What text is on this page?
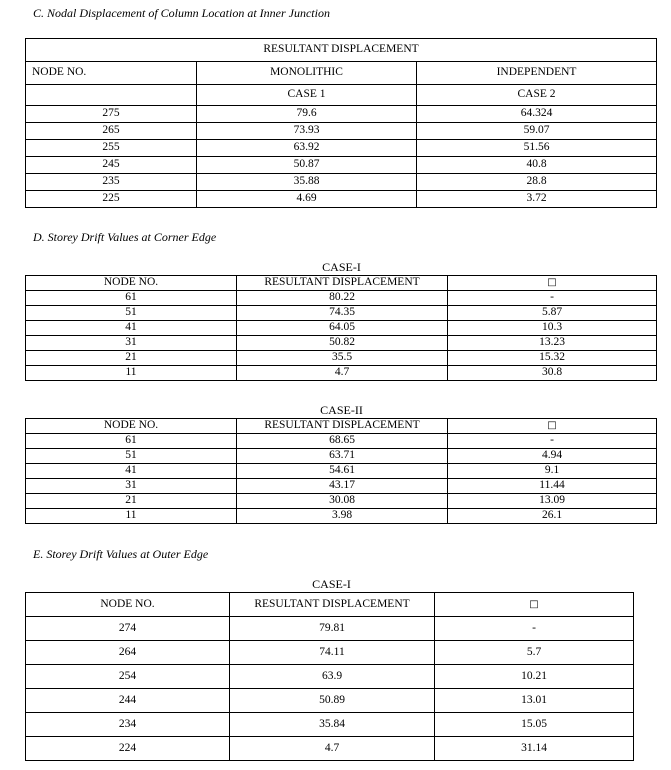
C. Nodal Displacement of Column Location at Inner Junction
RESULTANT DISPLACEMENT		
NODE NO.	MONOLITHIC	INDEPENDENT
	CASE 1	CASE 2
275	79.6	64.324
265	73.93	59.07
255	63.92	51.56
245	50.87	40.8
235	35.88	28.8
225	4.69	3.72
D. Storey Drift Values at Corner Edge
CASE-I
NODE NO.	RESULTANT DISPLACEMENT	□
61	80.22	-
51	74.35	5.87
41	64.05	10.3
31	50.82	13.23
21	35.5	15.32
11	4.7	30.8
CASE-II
NODE NO.	RESULTANT DISPLACEMENT	□
61	68.65	-
51	63.71	4.94
41	54.61	9.1
31	43.17	11.44
21	30.08	13.09
11	3.98	26.1
E. Storey Drift Values at Outer Edge
CASE-I
NODE NO.	RESULTANT DISPLACEMENT	□
274	79.81	-
264	74.11	5.7
254	63.9	10.21
244	50.89	13.01
234	35.84	15.05
224	4.7	31.14
